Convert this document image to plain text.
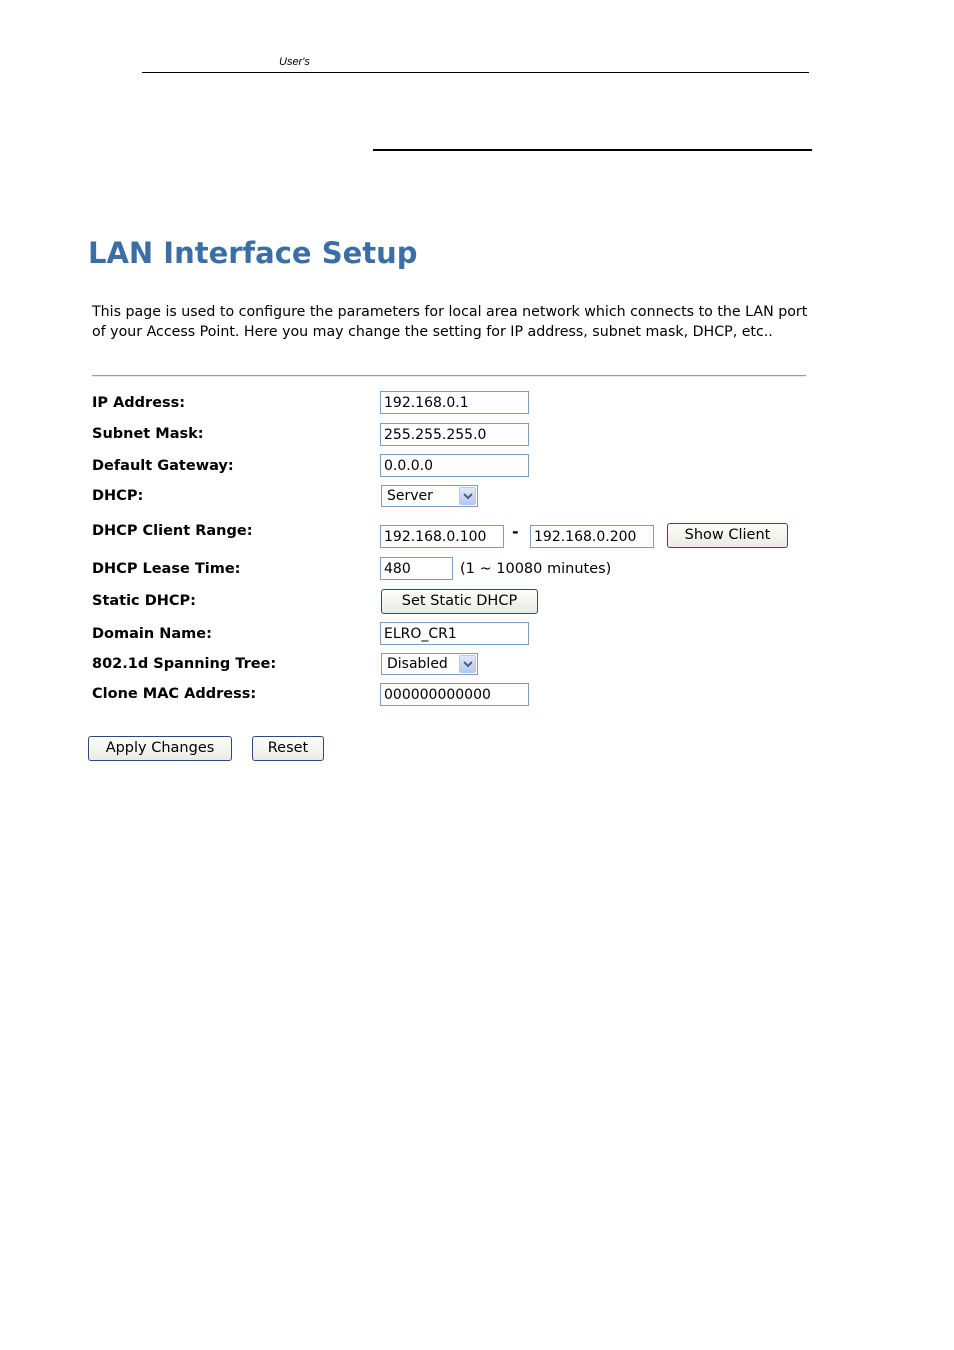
User's
LAN Interface Setup
This page is used to configure the parameters for local area network which connects to the LAN port of your Access Point. Here you may change the setting for IP address, subnet mask, DHCP, etc..
IP Address:	192.168.0.1
Subnet Mask:	255.255.255.0
Default Gateway:	0.0.0.0
DHCP:	Server
DHCP Client Range:	192.168.0.100	- 192.168.0.200	Show Client
DHCP Lease Time:	480	(1 ~ 10080 minutes)
Static DHCP:	Set Static DHCP
Domain Name:	ELRO_CR1
802.1d Spanning Tree:	Disabled
Clone MAC Address:	000000000000
Apply Changes	Reset
